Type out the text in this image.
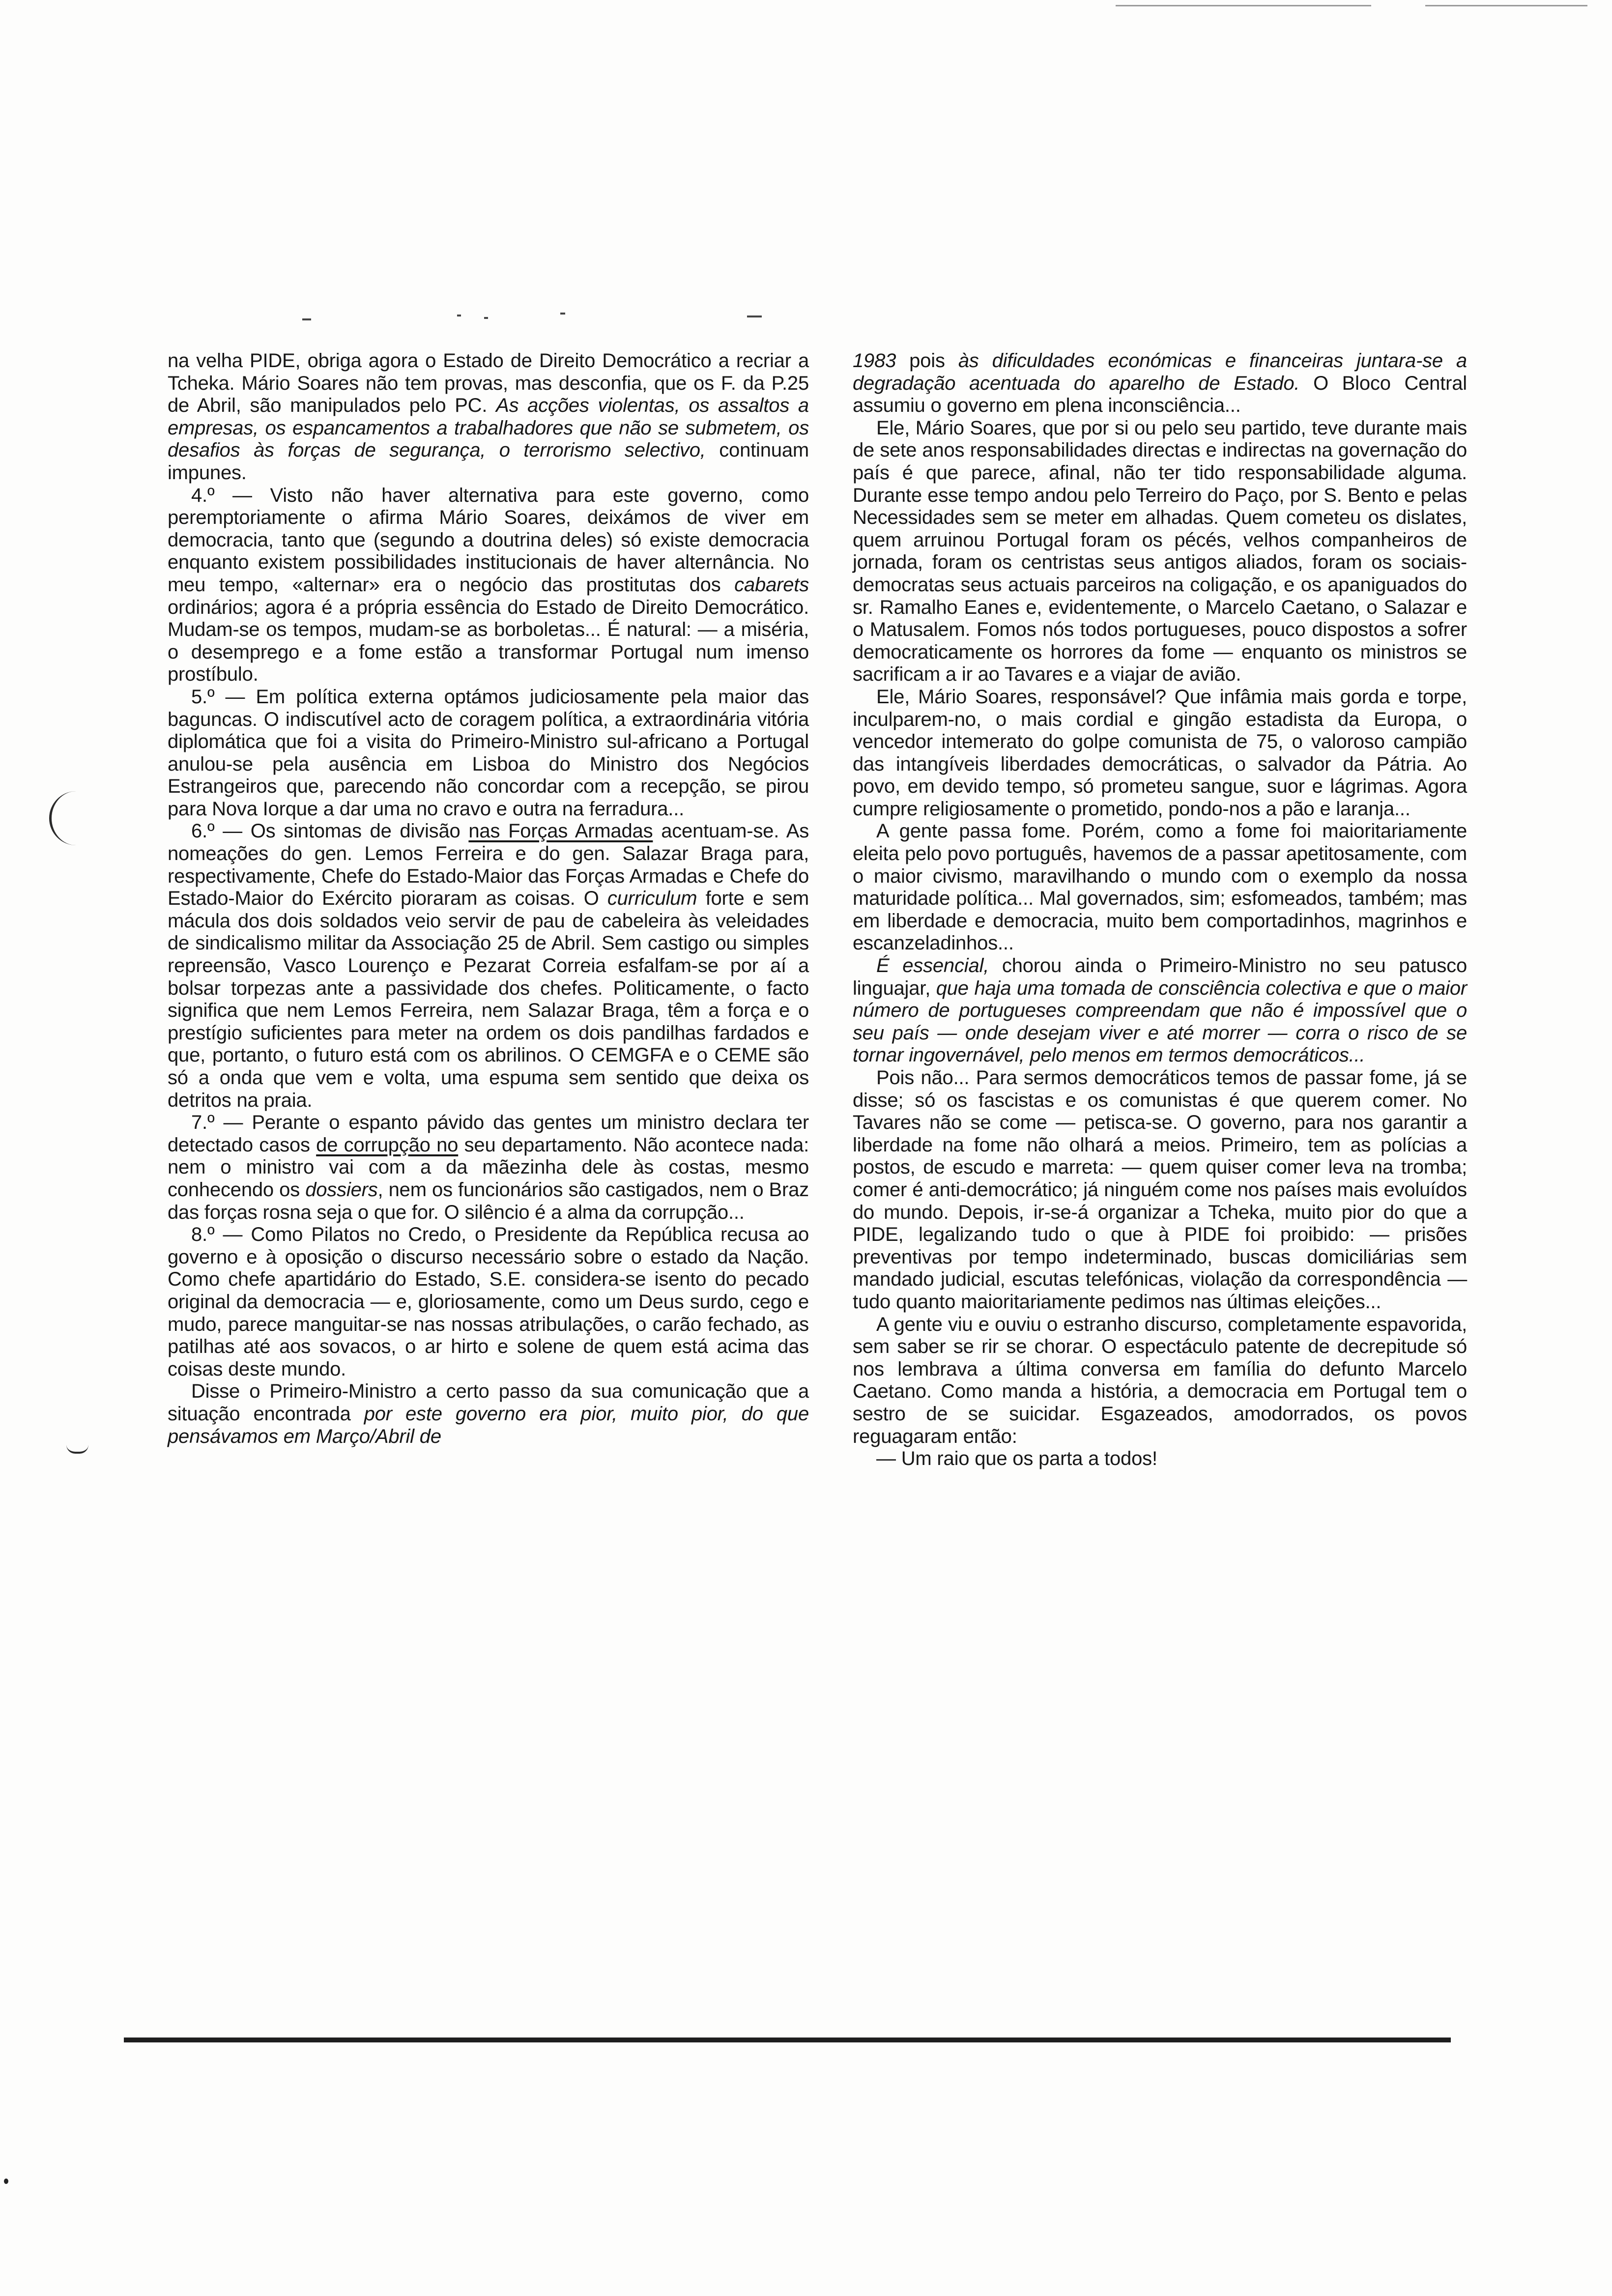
na velha PIDE, obriga agora o Estado de Direito Democrático a recriar a Tcheka. Mário Soares não tem provas, mas desconfia, que os F. da P.25 de Abril, são manipulados pelo PC. As acções violentas, os assaltos a empresas, os espancamentos a trabalhadores que não se submetem, os desafios às forças de segurança, o terrorismo selectivo, continuam impunes.

4.º — Visto não haver alternativa para este governo, como peremptoriamente o afirma Mário Soares, deixámos de viver em democracia, tanto que (segundo a doutrina deles) só existe democracia enquanto existem possibilidades institucionais de haver alternância. No meu tempo, «alternar» era o negócio das prostitutas dos cabarets ordinários; agora é a própria essência do Estado de Direito Democrático. Mudam-se os tempos, mudam-se as borboletas... É natural: — a miséria, o desemprego e a fome estão a transformar Portugal num imenso prostíbulo.

5.º — Em política externa optámos judiciosamente pela maior das baguncas. O indiscutível acto de coragem política, a extraordinária vitória diplomática que foi a visita do Primeiro-Ministro sul-africano a Portugal anulou-se pela ausência em Lisboa do Ministro dos Negócios Estrangeiros que, parecendo não concordar com a recepção, se pirou para Nova Iorque a dar uma no cravo e outra na ferradura...

6.º — Os sintomas de divisão nas Forças Armadas acentuam-se. As nomeações do gen. Lemos Ferreira e do gen. Salazar Braga para, respectivamente, Chefe do Estado-Maior das Forças Armadas e Chefe do Estado-Maior do Exército pioraram as coisas. O curriculum forte e sem mácula dos dois soldados veio servir de pau de cabeleira às veleidades de sindicalismo militar da Associação 25 de Abril. Sem castigo ou simples repreensão, Vasco Lourenço e Pezarat Correia esfalfam-se por aí a bolsar torpezas ante a passividade dos chefes. Politicamente, o facto significa que nem Lemos Ferreira, nem Salazar Braga, têm a força e o prestígio suficientes para meter na ordem os dois pandilhas fardados e que, portanto, o futuro está com os abrilinos. O CEMGFA e o CEME são só a onda que vem e volta, uma espuma sem sentido que deixa os detritos na praia.

7.º — Perante o espanto pávido das gentes um ministro declara ter detectado casos de corrupção no seu departamento. Não acontece nada: nem o ministro vai com a da mãezinha dele às costas, mesmo conhecendo os dossiers, nem os funcionários são castigados, nem o Braz das forças rosna seja o que for. O silêncio é a alma da corrupção...

8.º — Como Pilatos no Credo, o Presidente da República recusa ao governo e à oposição o discurso necessário sobre o estado da Nação. Como chefe apartidário do Estado, S.E. considera-se isento do pecado original da democracia — e, gloriosamente, como um Deus surdo, cego e mudo, parece manguitar-se nas nossas atribulações, o carão fechado, as patilhas até aos sovacos, o ar hirto e solene de quem está acima das coisas deste mundo.

Disse o Primeiro-Ministro a certo passo da sua comunicação que a situação encontrada por este governo era pior, muito pior, do que pensávamos em Março/Abril de

1983 pois às dificuldades económicas e financeiras juntara-se a degradação acentuada do aparelho de Estado. O Bloco Central assumiu o governo em plena inconsciência...

Ele, Mário Soares, que por si ou pelo seu partido, teve durante mais de sete anos responsabilidades directas e indirectas na governação do país é que parece, afinal, não ter tido responsabilidade alguma. Durante esse tempo andou pelo Terreiro do Paço, por S. Bento e pelas Necessidades sem se meter em alhadas. Quem cometeu os dislates, quem arruinou Portugal foram os pécés, velhos companheiros de jornada, foram os centristas seus antigos aliados, foram os sociais-democratas seus actuais parceiros na coligação, e os apaniguados do sr. Ramalho Eanes e, evidentemente, o Marcelo Caetano, o Salazar e o Matusalem. Fomos nós todos portugueses, pouco dispostos a sofrer democraticamente os horrores da fome — enquanto os ministros se sacrificam a ir ao Tavares e a viajar de avião.

Ele, Mário Soares, responsável? Que infâmia mais gorda e torpe, inculparem-no, o mais cordial e gingão estadista da Europa, o vencedor intemerato do golpe comunista de 75, o valoroso campião das intangíveis liberdades democráticas, o salvador da Pátria. Ao povo, em devido tempo, só prometeu sangue, suor e lágrimas. Agora cumpre religiosamente o prometido, pondo-nos a pão e laranja...

A gente passa fome. Porém, como a fome foi maioritariamente eleita pelo povo português, havemos de a passar apetitosamente, com o maior civismo, maravilhando o mundo com o exemplo da nossa maturidade política... Mal governados, sim; esfomeados, também; mas em liberdade e democracia, muito bem comportadinhos, magrinhos e escanzeladinhos...

É essencial, chorou ainda o Primeiro-Ministro no seu patusco linguajar, que haja uma tomada de consciência colectiva e que o maior número de portugueses compreendam que não é impossível que o seu país — onde desejam viver e até morrer — corra o risco de se tornar ingovernável, pelo menos em termos democráticos...

Pois não... Para sermos democráticos temos de passar fome, já se disse; só os fascistas e os comunistas é que querem comer. No Tavares não se come — petisca-se. O governo, para nos garantir a liberdade na fome não olhará a meios. Primeiro, tem as polícias a postos, de escudo e marreta: — quem quiser comer leva na tromba; comer é anti-democrático; já ninguém come nos países mais evoluídos do mundo. Depois, ir-se-á organizar a Tcheka, muito pior do que a PIDE, legalizando tudo o que à PIDE foi proibido: — prisões preventivas por tempo indeterminado, buscas domiciliárias sem mandado judicial, escutas telefónicas, violação da correspondência — tudo quanto maioritariamente pedimos nas últimas eleições...

A gente viu e ouviu o estranho discurso, completamente espavorida, sem saber se rir se chorar. O espectáculo patente de decrepitude só nos lembrava a última conversa em família do defunto Marcelo Caetano. Como manda a história, a democracia em Portugal tem o sestro de se suicidar. Esgazeados, amodorrados, os povos reguagaram então:

— Um raio que os parta a todos!
